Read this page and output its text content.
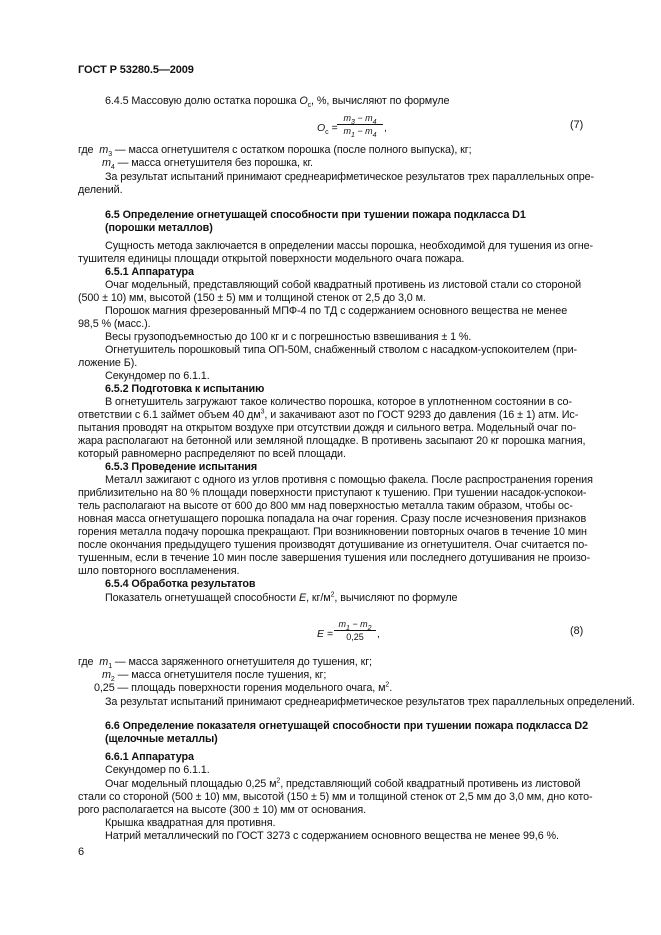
ГОСТ Р 53280.5—2009
6.4.5 Массовую долю остатка порошка $O_c$, %, вычисляют по формуле
$O_c$ =
$m_3 - m_4$
$m_1 - m_4$
,	(7)
где $m_3$ — масса огнетушителя с остатком порошка (после полного выпуска), кг;
$m_4$ — масса огнетушителя без порошка, кг.
За результат испытаний принимают среднеарифметическое результатов трех параллельных опре-
делений.
6.5 Определение огнетушащей способности при тушении пожара подкласса D1
(порошки металлов)
Сущность метода заключается в определении массы порошка, необходимой для тушения из огне-
тушителя единицы площади открытой поверхности модельного очага пожара.
6.5.1 Аппаратура
Очаг модельный, представляющий собой квадратный противень из листовой стали со стороной
(500 ± 10) мм, высотой (150 ± 5) мм и толщиной стенок от 2,5 до 3,0 м.
Порошок магния фрезерованный МПФ-4 по ТД с содержанием основного вещества не менее
98,5 % (масс.).
Весы грузоподъемностью до 100 кг и с погрешностью взвешивания ± 1 %.
Огнетушитель порошковый типа ОП-50М, снабженный стволом с насадком-успокоителем (при-
ложение Б).
Секундомер по 6.1.1.
6.5.2 Подготовка к испытанию
В огнетушитель загружают такое количество порошка, которое в уплотненном состоянии в со-
ответствии с 6.1 займет объем 40 $дм^3$, и закачивают азот по ГОСТ 9293 до давления (16 ± 1) атм. Ис-
пытания проводят на открытом воздухе при отсутствии дождя и сильного ветра. Модельный очаг по-
жара располагают на бетонной или земляной площадке. В противень засыпают 20 кг порошка магния,
который равномерно распределяют по всей площади.
6.5.3 Проведение испытания
Металл зажигают с одного из углов противня с помощью факела. После распространения горения
приблизительно на 80 % площади поверхности приступают к тушению. При тушении насадок-успокои-
тель располагают на высоте от 600 до 800 мм над поверхностью металла таким образом, чтобы ос-
новная масса огнетушащего порошка попадала на очаг горения. Сразу после исчезновения признаков
горения металла подачу порошка прекращают. При возникновении повторных очагов в течение 10 мин
после окончания предыдущего тушения производят дотушивание из огнетушителя. Очаг считается по-
тушенным, если в течение 10 мин после завершения тушения или последнего дотушивания не произо-
шло повторного воспламенения.
6.5.4 Обработка результатов
Показатель огнетушащей способности E, $кг/м^2$, вычисляют по формуле
E =
$m_1 - m_2$
0,25	,	(8)
где $m_1$ — масса заряженного огнетушителя до тушения, кг;
$m_2$ — масса огнетушителя после тушения, кг;
0,25 — площадь поверхности горения модельного очага, $м^2$.
За результат испытаний принимают среднеарифметическое результатов трех параллельных определений.
6.6 Определение показателя огнетушащей способности при тушении пожара подкласса D2
(щелочные металлы)
6.6.1 Аппаратура
Секундомер по 6.1.1.
Очаг модельный площадью 0,25 $м^2$, представляющий собой квадратный противень из листовой
стали со стороной (500 ± 10) мм, высотой (150 ± 5) мм и толщиной стенок от 2,5 мм до 3,0 мм, дно кото-
рого располагается на высоте (300 ± 10) мм от основания.
Крышка квадратная для противня.
Натрий металлический по ГОСТ 3273 с содержанием основного вещества не менее 99,6 %.
6
